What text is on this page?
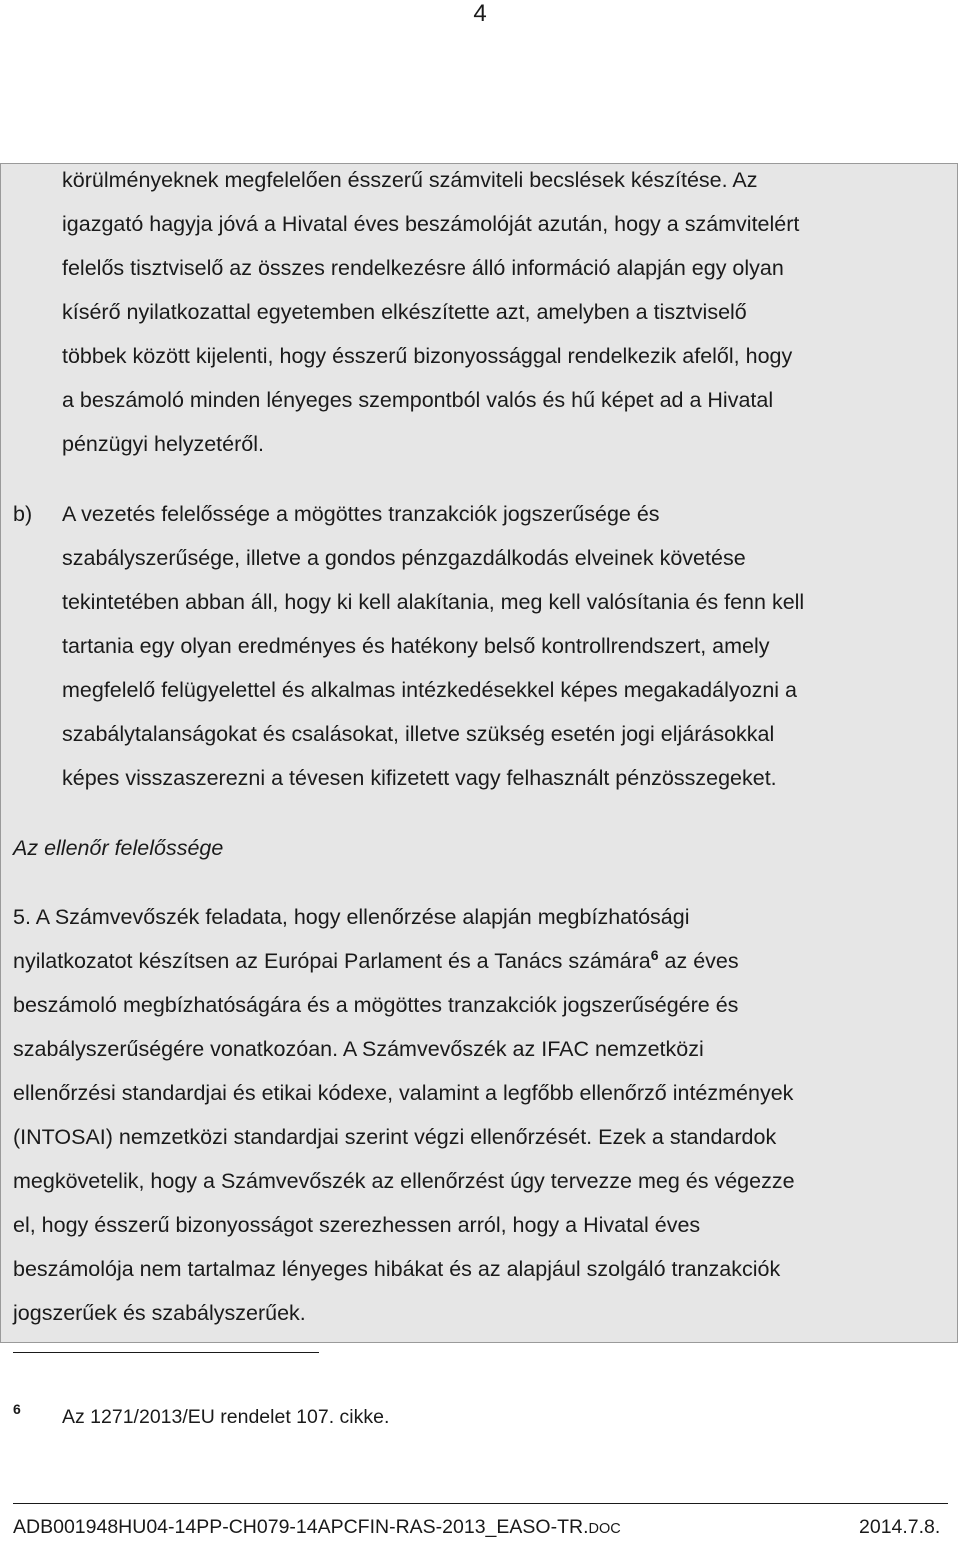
4
körülményeknek megfelelően ésszerű számviteli becslések készítése. Az
igazgató hagyja jóvá a Hivatal éves beszámolóját azután, hogy a számvitelért
felelős tisztviselő az összes rendelkezésre álló információ alapján egy olyan
kísérő nyilatkozattal egyetemben elkészítette azt, amelyben a tisztviselő
többek között kijelenti, hogy ésszerű bizonyossággal rendelkezik afelől, hogy
a beszámoló minden lényeges szempontból valós és hű képet ad a Hivatal
pénzügyi helyzetéről.
b) A vezetés felelőssége a mögöttes tranzakciók jogszerűsége és
szabályszerűsége, illetve a gondos pénzgazdálkodás elveinek követése
tekintetében abban áll, hogy ki kell alakítania, meg kell valósítania és fenn kell
tartania egy olyan eredményes és hatékony belső kontrollrendszert, amely
megfelelő felügyelettel és alkalmas intézkedésekkel képes megakadályozni a
szabálytalanságokat és csalásokat, illetve szükség esetén jogi eljárásokkal
képes visszaszerezni a tévesen kifizetett vagy felhasznált pénzösszegeket.
Az ellenőr felelőssége
5. A Számvevőszék feladata, hogy ellenőrzése alapján megbízhatósági
nyilatkozatot készítsen az Európai Parlament és a Tanács számára$^6$ az éves
beszámoló megbízhatóságára és a mögöttes tranzakciók jogszerűségére és
szabályszerűségére vonatkozóan. A Számvevőszék az IFAC nemzetközi
ellenőrzési standardjai és etikai kódexe, valamint a legfőbb ellenőrző intézmények
(INTOSAI) nemzetközi standardjai szerint végzi ellenőrzését. Ezek a standardok
megkövetelik, hogy a Számvevőszék az ellenőrzést úgy tervezze meg és végezze
el, hogy ésszerű bizonyosságot szerezhessen arról, hogy a Hivatal éves
beszámolója nem tartalmaz lényeges hibákat és az alapjául szolgáló tranzakciók
jogszerűek és szabályszerűek.
6 Az 1271/2013/EU rendelet 107. cikke.
ADB001948HU04-14PP-CH079-14APCFIN-RAS-2013_EASO-TR.DOC	2014.7.8.
